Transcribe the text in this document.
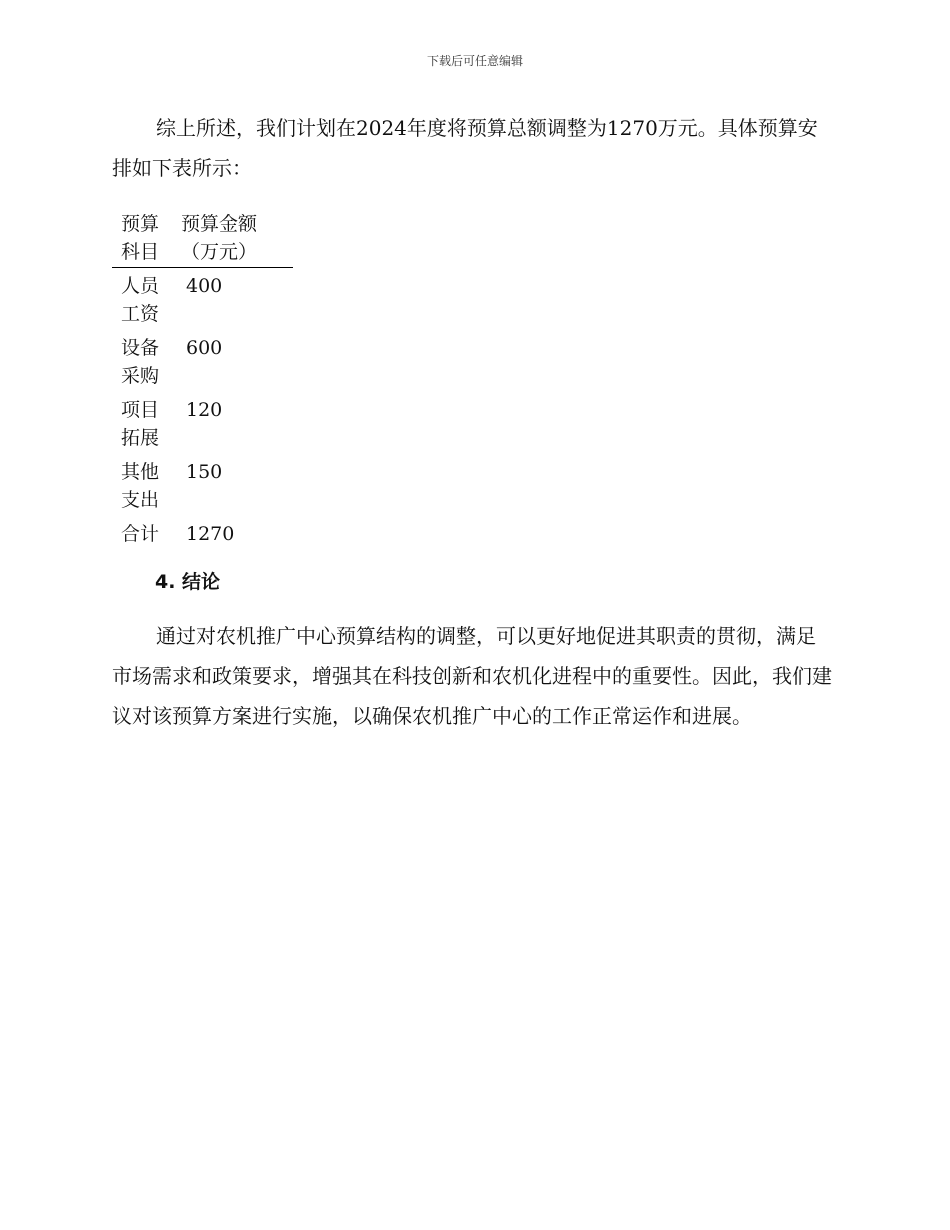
下载后可任意编辑

综上所述，我们计划在2024年度将预算总额调整为1270万元。具体预算安排如下表所示：

预算科目
预算金额（万元）
人员工资
400
设备采购
600
项目拓展
120
其他支出
150
合计	1270
4. 结论

通过对农机推广中心预算结构的调整，可以更好地促进其职责的贯彻，满足市场需求和政策要求，增强其在科技创新和农机化进程中的重要性。因此，我们建议对该预算方案进行实施，以确保农机推广中心的工作正常运作和进展。
